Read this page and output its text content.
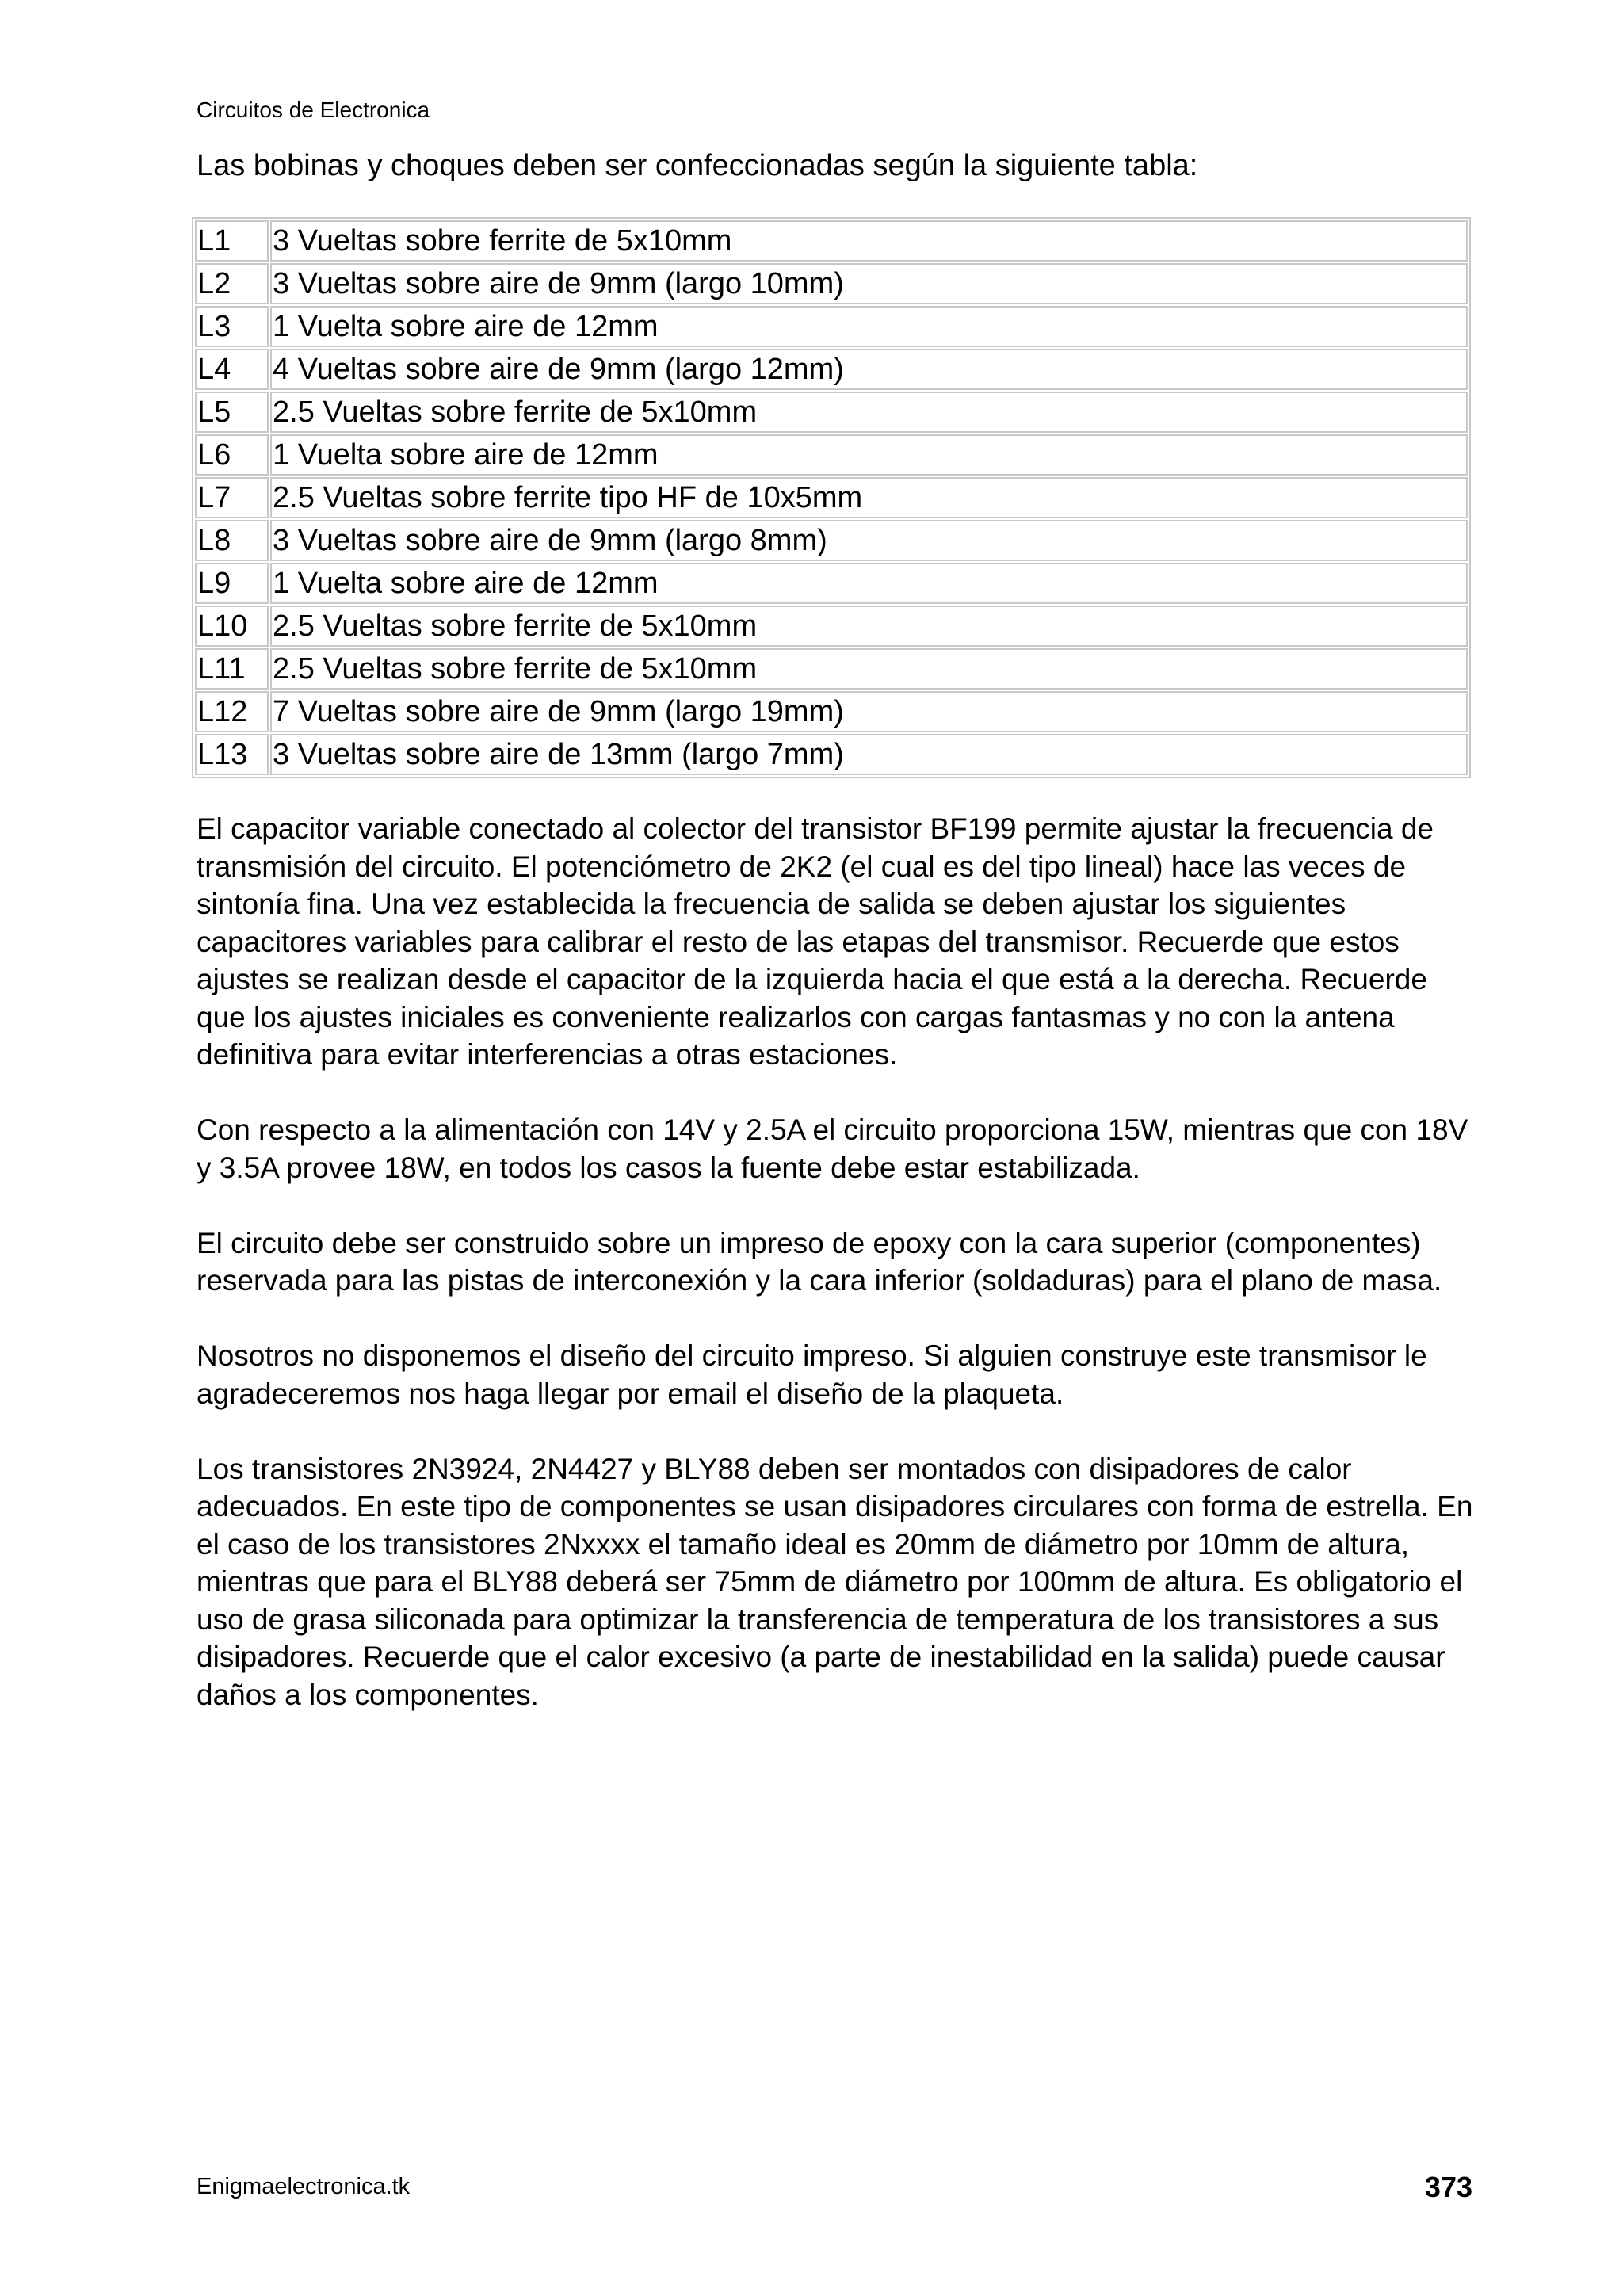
Circuitos de Electronica

Las bobinas y choques deben ser confeccionadas según la siguiente tabla:

L1	3 Vueltas sobre ferrite de 5x10mm
L2	3 Vueltas sobre aire de 9mm (largo 10mm)
L3	1 Vuelta sobre aire de 12mm
L4	4 Vueltas sobre aire de 9mm (largo 12mm)
L5	2.5 Vueltas sobre ferrite de 5x10mm
L6	1 Vuelta sobre aire de 12mm
L7	2.5 Vueltas sobre ferrite tipo HF de 10x5mm
L8	3 Vueltas sobre aire de 9mm (largo 8mm)
L9	1 Vuelta sobre aire de 12mm
L10	2.5 Vueltas sobre ferrite de 5x10mm
L11	2.5 Vueltas sobre ferrite de 5x10mm
L12	7 Vueltas sobre aire de 9mm (largo 19mm)
L13	3 Vueltas sobre aire de 13mm (largo 7mm)

El capacitor variable conectado al colector del transistor BF199 permite ajustar la frecuencia de transmisión del circuito. El potenciómetro de 2K2 (el cual es del tipo lineal) hace las veces de sintonía fina. Una vez establecida la frecuencia de salida se deben ajustar los siguientes capacitores variables para calibrar el resto de las etapas del transmisor. Recuerde que estos ajustes se realizan desde el capacitor de la izquierda hacia el que está a la derecha. Recuerde que los ajustes iniciales es conveniente realizarlos con cargas fantasmas y no con la antena definitiva para evitar interferencias a otras estaciones.

Con respecto a la alimentación con 14V y 2.5A el circuito proporciona 15W, mientras que con 18V y 3.5A provee 18W, en todos los casos la fuente debe estar estabilizada.

El circuito debe ser construido sobre un impreso de epoxy con la cara superior (componentes) reservada para las pistas de interconexión y la cara inferior (soldaduras) para el plano de masa.

Nosotros no disponemos el diseño del circuito impreso. Si alguien construye este transmisor le agradeceremos nos haga llegar por email el diseño de la plaqueta.

Los transistores 2N3924, 2N4427 y BLY88 deben ser montados con disipadores de calor adecuados. En este tipo de componentes se usan disipadores circulares con forma de estrella. En el caso de los transistores 2Nxxxx el tamaño ideal es 20mm de diámetro por 10mm de altura, mientras que para el BLY88 deberá ser 75mm de diámetro por 100mm de altura. Es obligatorio el uso de grasa siliconada para optimizar la transferencia de temperatura de los transistores a sus disipadores. Recuerde que el calor excesivo (a parte de inestabilidad en la salida) puede causar daños a los componentes.

Enigmaelectronica.tk	373
